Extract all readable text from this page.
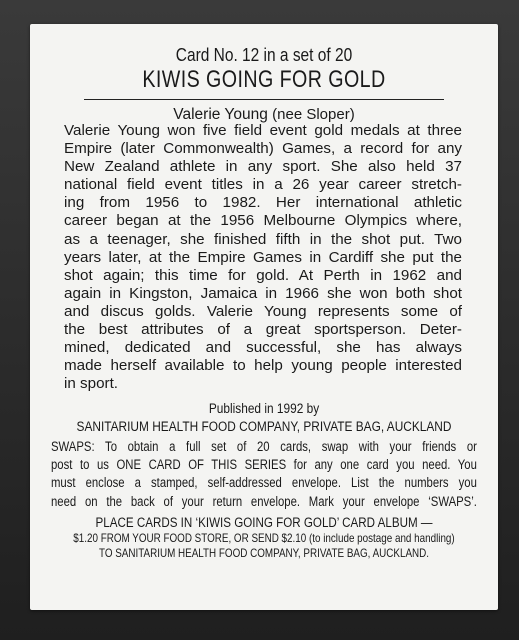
Card No. 12 in a set of 20
KIWIS GOING FOR GOLD
Valerie Young (nee Sloper)
Valerie Young won five field event gold medals at three
Empire (later Commonwealth) Games, a record for any
New Zealand athlete in any sport. She also held 37
national field event titles in a 26 year career stretch-
ing from 1956 to 1982. Her international athletic
career began at the 1956 Melbourne Olympics where,
as a teenager, she finished fifth in the shot put. Two
years later, at the Empire Games in Cardiff she put the
shot again; this time for gold. At Perth in 1962 and
again in Kingston, Jamaica in 1966 she won both shot
and discus golds. Valerie Young represents some of
the best attributes of a great sportsperson. Deter-
mined, dedicated and successful, she has always
made herself available to help young people interested
in sport.
Published in 1992 by
SANITARIUM HEALTH FOOD COMPANY, PRIVATE BAG, AUCKLAND
SWAPS: To obtain a full set of 20 cards, swap with your friends or
post to us ONE CARD OF THIS SERIES for any one card you need. You
must enclose a stamped, self-addressed envelope. List the numbers you
need on the back of your return envelope. Mark your envelope ‘SWAPS’.
PLACE CARDS IN ‘KIWIS GOING FOR GOLD’ CARD ALBUM —
$1.20 FROM YOUR FOOD STORE, OR SEND $2.10 (to include postage and handling)
TO SANITARIUM HEALTH FOOD COMPANY, PRIVATE BAG, AUCKLAND.
